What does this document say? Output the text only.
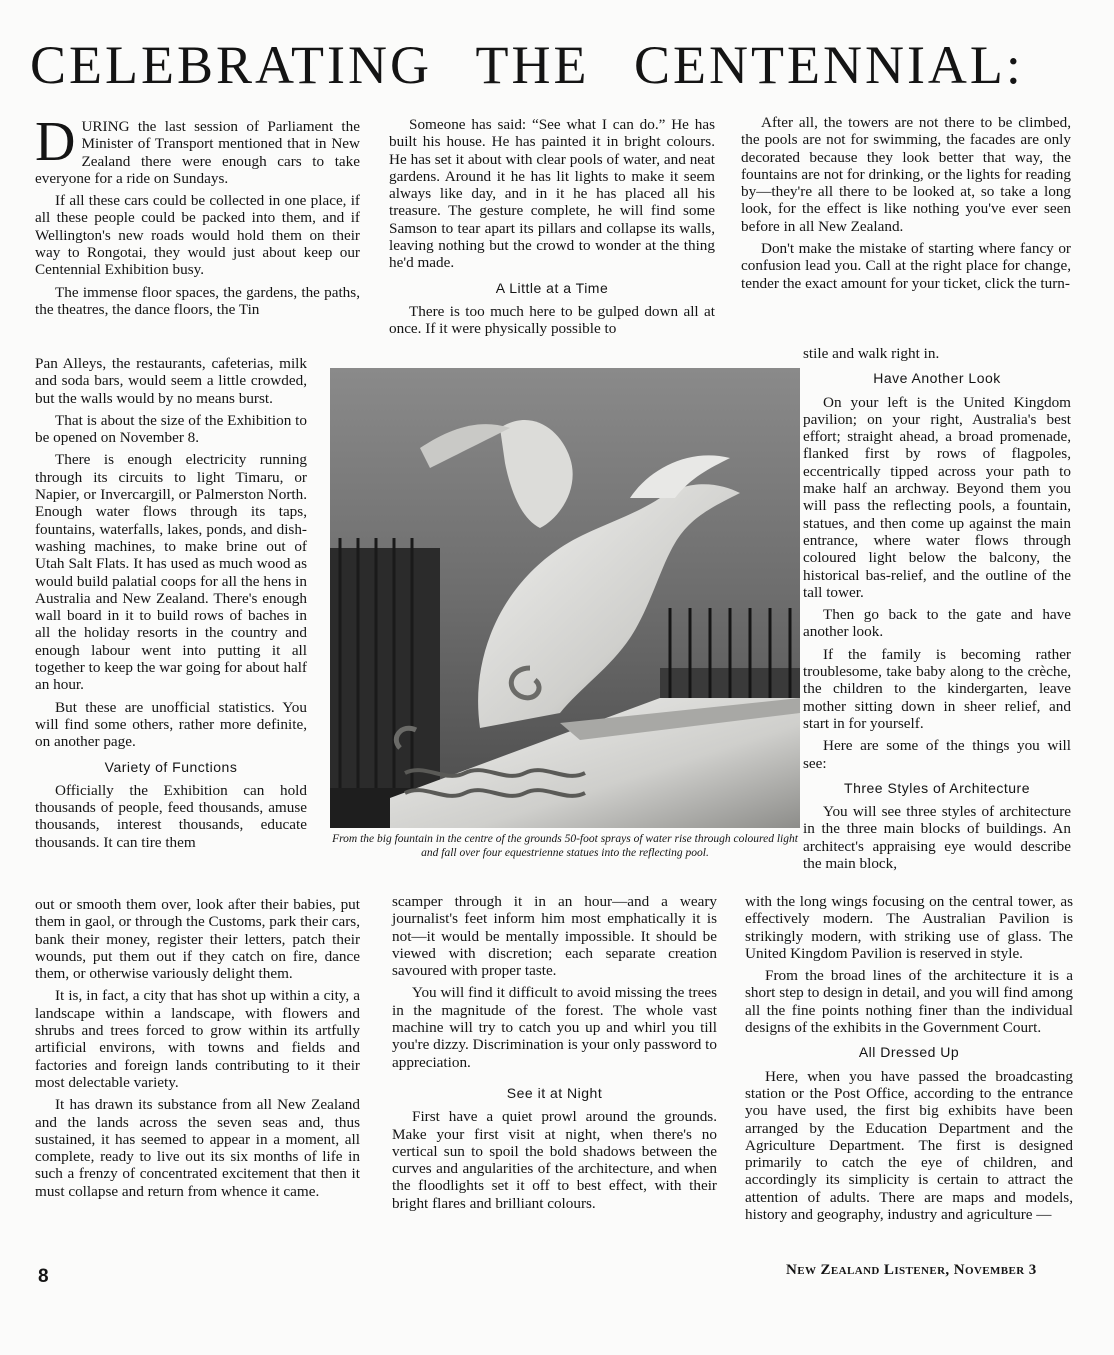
CELEBRATING THE CENTENNIAL:

DURING the last session of Parliament the Minister of Transport mentioned that in New Zealand there were enough cars to take everyone for a ride on Sundays.

If all these cars could be collected in one place, if all these people could be packed into them, and if Wellington's new roads would hold them on their way to Rongotai, they would just about keep our Centennial Exhibition busy.

The immense floor spaces, the gardens, the paths, the theatres, the dance floors, the Tin

Pan Alleys, the restaurants, cafeterias, milk and soda bars, would seem a little crowded, but the walls would by no means burst.

That is about the size of the Exhibition to be opened on November 8.

There is enough electricity running through its circuits to light Timaru, or Napier, or Invercargill, or Palmerston North. Enough water flows through its taps, fountains, waterfalls, lakes, ponds, and dish-washing machines, to make brine out of Utah Salt Flats. It has used as much wood as would build palatial coops for all the hens in Australia and New Zealand. There's enough wall board in it to build rows of baches in all the holiday resorts in the country and enough labour went into putting it all together to keep the war going for about half an hour.

But these are unofficial statistics. You will find some others, rather more definite, on another page.

Variety of Functions

Officially the Exhibition can hold thousands of people, feed thousands, amuse thousands, interest thousands, educate thousands. It can tire them

out or smooth them over, look after their babies, put them in gaol, or through the Customs, park their cars, bank their money, register their letters, patch their wounds, put them out if they catch on fire, dance them, or otherwise variously delight them.

It is, in fact, a city that has shot up within a city, a landscape within a landscape, with flowers and shrubs and trees forced to grow within its artfully artificial environs, with towns and fields and factories and foreign lands contributing to it their most delectable variety.

It has drawn its substance from all New Zealand and the lands across the seven seas and, thus sustained, it has seemed to appear in a moment, all complete, ready to live out its six months of life in such a frenzy of concentrated excitement that then it must collapse and return from whence it came.

Someone has said: “See what I can do.” He has built his house. He has painted it in bright colours. He has set it about with clear pools of water, and neat gardens. Around it he has lit lights to make it seem always like day, and in it he has placed all his treasure. The gesture complete, he will find some Samson to tear apart its pillars and collapse its walls, leaving nothing but the crowd to wonder at the thing he'd made.

A Little at a Time

There is too much here to be gulped down all at once. If it were physically possible to

scamper through it in an hour—and a weary journalist's feet inform him most emphatically it is not—it would be mentally impossible. It should be viewed with discretion; each separate creation savoured with proper taste.

You will find it difficult to avoid missing the trees in the magnitude of the forest. The whole vast machine will try to catch you up and whirl you till you're dizzy. Discrimination is your only password to appreciation.

See it at Night

First have a quiet prowl around the grounds. Make your first visit at night, when there's no vertical sun to spoil the bold shadows between the curves and angularities of the architecture, and when the floodlights set it off to best effect, with their bright flares and brilliant colours.

After all, the towers are not there to be climbed, the pools are not for swimming, the facades are only decorated because they look better that way, the fountains are not for drinking, or the lights for reading by—they're all there to be looked at, so take a long look, for the effect is like nothing you've ever seen before in all New Zealand.

Don't make the mistake of starting where fancy or confusion lead you. Call at the right place for change, tender the exact amount for your ticket, click the turn-

stile and walk right in.

Have Another Look

On your left is the United Kingdom pavilion; on your right, Australia's best effort; straight ahead, a broad promenade, flanked first by rows of flagpoles, eccentrically tipped across your path to make half an archway. Beyond them you will pass the reflecting pools, a fountain, statues, and then come up against the main entrance, where water flows through coloured light below the balcony, the historical bas-relief, and the outline of the tall tower.

Then go back to the gate and have another look.

If the family is becoming rather troublesome, take baby along to the crèche, the children to the kindergarten, leave mother sitting down in sheer relief, and start in for yourself.

Here are some of the things you will see:

Three Styles of Architecture

You will see three styles of architecture in the three main blocks of buildings. An architect's appraising eye would describe the main block,

with the long wings focusing on the central tower, as effectively modern. The Australian Pavilion is strikingly modern, with striking use of glass. The United Kingdom Pavilion is reserved in style.

From the broad lines of the architecture it is a short step to design in detail, and you will find among all the fine points nothing finer than the individual designs of the exhibits in the Government Court.

All Dressed Up

Here, when you have passed the broadcasting station or the Post Office, according to the entrance you have used, the first big exhibits have been arranged by the Education Department and the Agriculture Department. The first is designed primarily to catch the eye of children, and accordingly its simplicity is certain to attract the attention of adults. There are maps and models, history and geography, industry and agriculture —

From the big fountain in the centre of the grounds 50-foot sprays of water rise through coloured light and fall over four equestrienne statues into the reflecting pool.
8	New Zealand Listener, November 3
